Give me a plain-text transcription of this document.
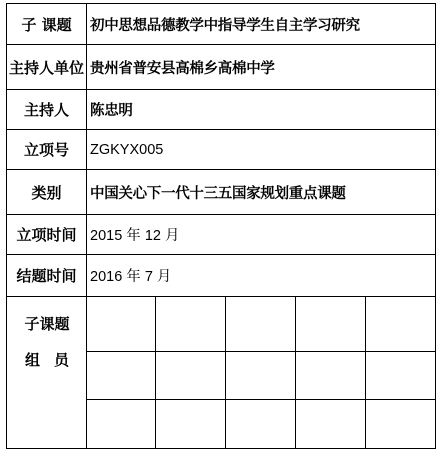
子 课题	初中思想品德教学中指导学生自主学习研究
主持人单位 贵州省普安县高棉乡高棉中学
主持人	陈忠明
立项号	ZGKYX005
类别	中国关心下一代十三五国家规划重点课题
立项时间 2015 年 12 月
结题时间 2016 年 7 月
子课题
组员
